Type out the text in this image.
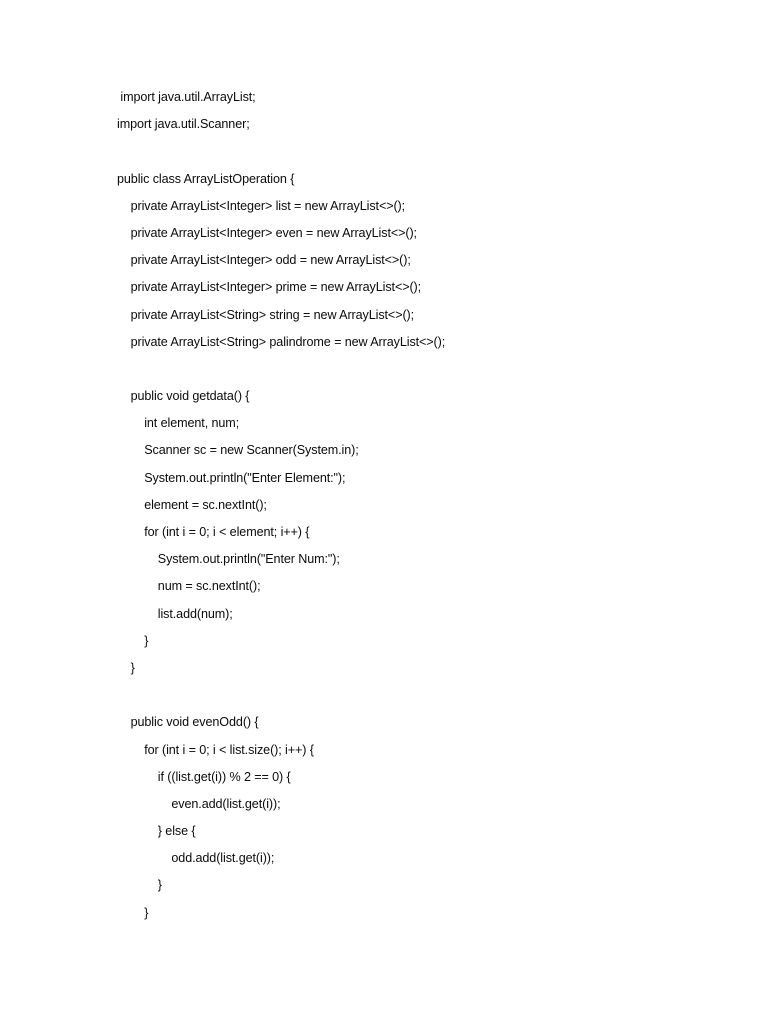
import java.util.ArrayList;
import java.util.Scanner;
public class ArrayListOperation {
private ArrayList<Integer> list = new ArrayList<>();
private ArrayList<Integer> even = new ArrayList<>();
private ArrayList<Integer> odd = new ArrayList<>();
private ArrayList<Integer> prime = new ArrayList<>();
private ArrayList<String> string = new ArrayList<>();
private ArrayList<String> palindrome = new ArrayList<>();
public void getdata() {
int element, num;
Scanner sc = new Scanner(System.in);
System.out.println("Enter Element:");
element = sc.nextInt();
for (int i = 0; i < element; i++) {
System.out.println("Enter Num:");
num = sc.nextInt();
list.add(num);
}
}
public void evenOdd() {
for (int i = 0; i < list.size(); i++) {
if ((list.get(i)) % 2 == 0) {
even.add(list.get(i));
} else {
odd.add(list.get(i));
}
}
